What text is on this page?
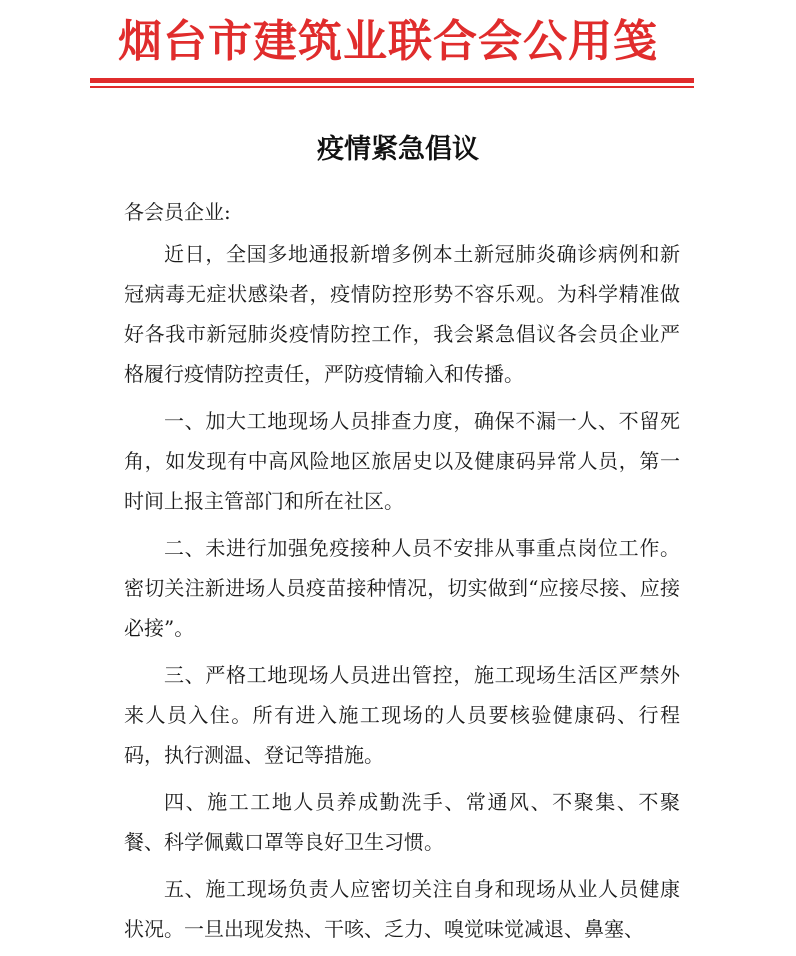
烟台市建筑业联合会公用笺
疫情紧急倡议
各会员企业:

近日，全国多地通报新增多例本土新冠肺炎确诊病例和新冠病毒无症状感染者，疫情防控形势不容乐观。为科学精准做好各我市新冠肺炎疫情防控工作，我会紧急倡议各会员企业严格履行疫情防控责任，严防疫情输入和传播。

一、加大工地现场人员排查力度，确保不漏一人、不留死角，如发现有中高风险地区旅居史以及健康码异常人员，第一时间上报主管部门和所在社区。

二、未进行加强免疫接种人员不安排从事重点岗位工作。密切关注新进场人员疫苗接种情况，切实做到“应接尽接、应接必接”。

三、严格工地现场人员进出管控，施工现场生活区严禁外来人员入住。所有进入施工现场的人员要核验健康码、行程码，执行测温、登记等措施。

四、施工工地人员养成勤洗手、常通风、不聚集、不聚餐、科学佩戴口罩等良好卫生习惯。

五、施工现场负责人应密切关注自身和现场从业人员健康状况。一旦出现发热、干咳、乏力、嗅觉味觉减退、鼻塞、
